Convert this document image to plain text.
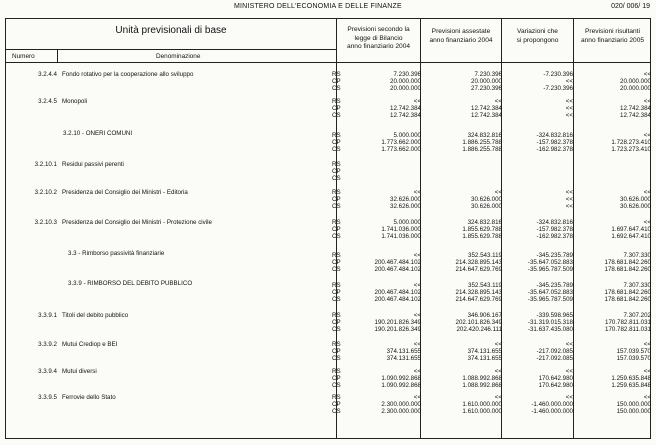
MINISTERO DELL'ECONOMIA E DELLE FINANZE	020/ 006/ 19
Unità previsionali di base
Numero	Denominazione
Previsioni secondo la
legge di Bilancio
anno finanziario 2004
Previsioni assestate
anno finanziario 2004
Variazioni che
si propongono
Previsioni risultanti
anno finanziario 2005
3.2.4.4 Fondo rotativo per la cooperazione allo sviluppo	RS	7.230.396	7.230.396	-7.230.396	<<
CP	20.000.000	20.000.000	<<	20.000.000
CS	20.000.000	27.230.396	-7.230.396	20.000.000
3.2.4.5 Monopoli	RS	<<	<<	<<	<<
CP	12.742.384	12.742.384	<<	12.742.384
CS	12.742.384	12.742.384	<<	12.742.384
3.2.10 - ONERI COMUNI	RS	5.000.000	324.832.816	-324.832.816	<<
CP	1.773.662.000	1.886.255.788	-157.982.378	1.728.273.410
CS	1.773.662.000	1.886.255.788	-162.982.378	1.723.273.410
3.2.10.1 Residui passivi perenti	RS
CP
CS
3.2.10.2 Presidenza del Consiglio dei Ministri - Editoria	RS	<<	<<	<<	<<
CP	32.626.000	30.626.000	<<	30.626.000
CS	32.626.000	30.626.000	<<	30.626.000
3.2.10.3 Presidenza del Consiglio dei Ministri - Protezione civile	RS	5.000.000	324.832.816	-324.832.816	<<
CP	1.741.036.000	1.855.629.788	-157.982.378	1.697.647.410
CS	1.741.036.000	1.855.629.788	-162.982.378	1.692.647.410
3.3 - Rimborso passività finanziarie	RS	<<	352.543.119	-345.235.789	7.307.330
CP	200.467.484.102	214.328.895.143	-35.647.052.883	178.681.842.260
CS	200.467.484.102	214.647.629.769	-35.965.787.509	178.681.842.260
3.3.9 - RIMBORSO DEL DEBITO PUBBLICO	RS	<<	352.543.119	-345.235.789	7.307.330
CP	200.467.484.102	214.328.895.143	-35.647.052.883	178.681.842.260
CS	200.467.484.102	214.647.629.769	-35.965.787.509	178.681.842.260
3.3.9.1 Titoli del debito pubblico	RS	<<	346.906.167	-339.598.965	7.307.202
CP	190.201.826.349	202.101.826.349	-31.319.015.318	170.782.811.031
CS	190.201.826.349	202.420.246.111	-31.637.435.080	170.782.811.031
3.3.9.2 Mutui Crediop e BEI	RS	<<	<<	<<	<<
CP	374.131.655	374.131.655	-217.092.085	157.039.570
CS	374.131.655	374.131.655	-217.092.085	157.039.570
3.3.9.4 Mutui diversi	RS	<<	<<	<<	<<
CP	1.090.992.868	1.088.992.868	170.642.980	1.259.635.848
CS	1.090.992.868	1.088.992.868	170.642.980	1.259.635.848
3.3.9.5 Ferrovie dello Stato	RS	<<	<<	<<	<<
CP	2.300.000.000	1.610.000.000	-1.460.000.000	150.000.000
CS	2.300.000.000	1.610.000.000	-1.460.000.000	150.000.000
